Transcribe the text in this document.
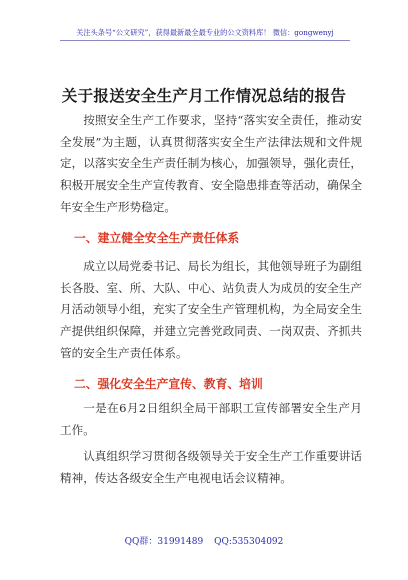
关注头条号“公文研究”，获得最新最全最专业的公文资料库！ 微信：gongwenyj
关于报送安全生产月工作情况总结的报告
按照安全生产工作要求，坚持“落实安全责任，推动安全发展”为主题，认真贯彻落实安全生产法律法规和文件规定，以落实安全生产责任制为核心，加强领导，强化责任，积极开展安全生产宣传教育、安全隐患排查等活动，确保全年安全生产形势稳定。
一、建立健全安全生产责任体系
成立以局党委书记、局长为组长，其他领导班子为副组长各股、室、所、大队、中心、站负责人为成员的安全生产月活动领导小组，充实了安全生产管理机构，为全局安全生产提供组织保障，并建立完善党政同责、一岗双责、齐抓共管的安全生产责任体系。
二、强化安全生产宣传、教育、培训
一是在6月2日组织全局干部职工宣传部署安全生产月工作。
认真组织学习贯彻各级领导关于安全生产工作重要讲话精神，传达各级安全生产电视电话会议精神。
QQ群：31991489 QQ:535304092
